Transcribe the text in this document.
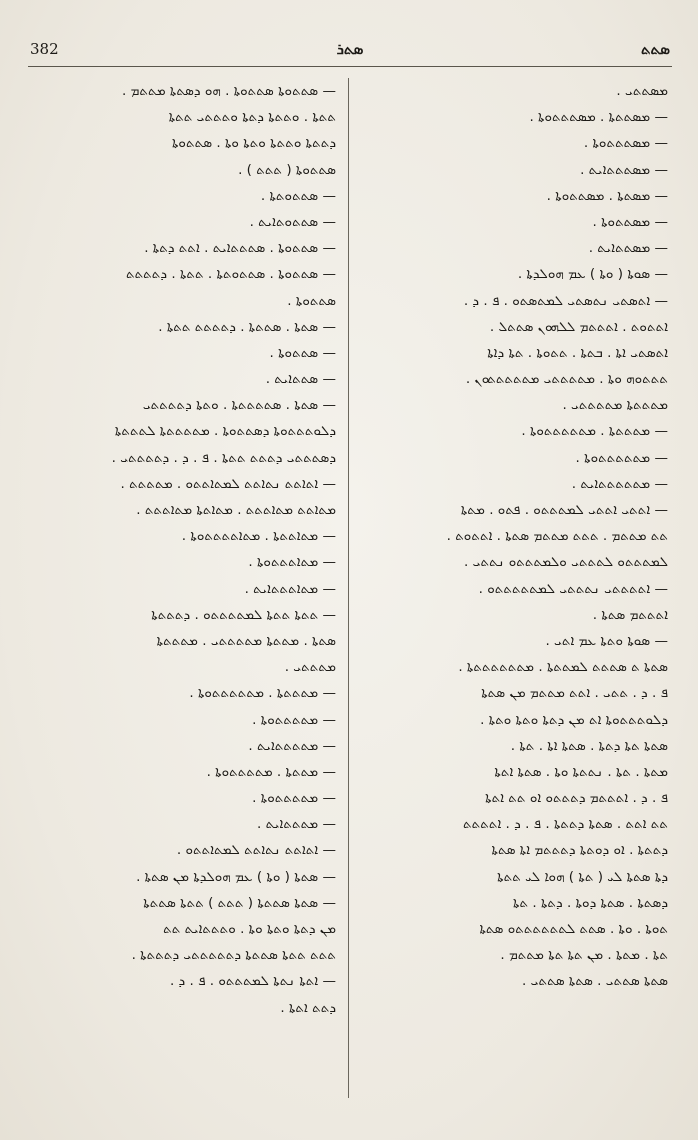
382	ܣܬܪ	ܣܬܬ
ܡܣܬܬܝ .
— ܡܣܬܬܬܐ . ܡܣܬܬܬܘܬܐ .
— ܡܣܬܬܬܘܬܐ .
— ܡܣܬܬܬܐܝܬ .
— ܡܣܬܬܐ . ܡܣܬܬܘܬܐ .
— ܡܣܬܬܘܬܐ .
— ܡܣܬܬܐܝܬ .
— ܣܘܬܐ ( ܘܬܐ ) ܥܡ ܗܘܠܕܬܐ .
— ܐܬܣܬܝ ܢܬܣܬܝ ܠܡܬܣܬܘ . ܦ . ܕ .
ܐܬܬܘܬ . ܐܬܬܬܡ ܠܠܗܘܢ ܣܬܬܠ .
ܐܬܣܬܝ ܐܬܐ . ܒܬܬܐ . ܬܬܘܬܐ . ܬܬܐ ܕܐܬܐ
ܬܬܬܘܗ ܘܬܐ . ܡܬܬܬܬܝ ܡܬܬܬܬܬܘܢ .
ܡܬܬܬܬܐ ܡܬܬܬܬܝ .
— ܡܬܬܬܬܐ . ܡܬܬܬܬܬܘܬܐ .
— ܡܬܬܬܬܬܘܬܐ .
— ܡܬܬܬܬܬܐܝܬ .
— ܐܬܬܝ ܐܬܬܝ ܠܡܬܬܬܘ . ܦܬܘ . ܡܬܬܐ
ܬܬ ܡܬܬܡ . ܬܬܬ ܡܬܬܡ ܣܬܬܐ . ܐܬܬܘܬ .
ܠܡܬܬܬܘ ܠܬܬܬܝ ܘܠܡܬܬܬܘ ܢܬܬܝ .
— ܐܬܬܬܬܝ ܢܬܬܬܝ ܠܡܬܬܬܬܬܘ .
ܐܬܬܬܡ ܣܬܬܐ .
— ܣܘܬܐ ܘܬܬܐ ܥܡ ܐܬܝ .
ܣܬܬܐ ܬ ܣܬܬܬ ܠܡܬܬܬܐ . ܡܬܬܬܬܬܬܬܐ .
ܦ . ܕ . ܬܬܝ . ܐܬܬ ܡܬܬܡ ܡܢ ܣܬܬܐ
ܕܠܘܬܬܬܘܬܐ ܐܬ ܡܢ ܕܬܬܐ ܘܬܬܐ ܘܬܬܐ .
ܣܬܬܐ ܬܬܐ ܕܬܬܐ . ܣܬܬܐ ܐܬܐ . ܬܬܐ .
ܡܬܬܐ . ܬܬܐ . ܢܬܬܬܐ ܘܬܐ . ܣܬܬܐ ܐܬܬܐ
ܦ . ܕ . ܐܬܬܬܡ ܕܬܬܬܘ ܐܘ ܬܬ ܐܬܬܐ
ܬܬ ܐܬܬ . ܣܬܬܐ ܕܬܬܬܐ . ܦ . ܕ . ܐܬܬܬܬ
ܕܬܬܬܐ . ܐܘ ܕܘܬܬܐ ܕܬܬܬܡ ܐܬܐ ܣܬܬܐ
ܕܬܐ ܣܬܬܐ ܠܝ ( ܬܬܐ ) ܗܘܐ ܠܝ ܬܬܬܐ
ܕܣܬܬܐ . ܣܬܬܐ ܕܘܬܐ . ܕܬܬܐ . ܬܬܐ
ܬܘܬܐ . ܘܬܐ . ܣܬܬ ܠܬܬܬܬܬܬܘ ܣܬܬܐ
ܬܬܐ . ܡܬܬܐ . ܡܢ ܬܬܐ ܬܬܐ ܡܬܬܡ .
ܣܬܬܐ ܣܬܬܝ . ܣܬܬܐ ܣܬܬܝ .
— ܣܬܬܘܬܐ ܣܬܬܘܬܐ . ܗܘ ܕܣܬܬܐ ܡܬܬܡ .
ܬܬܬܐ . ܘܬܬܬܐ ܕܬܬܐ ܘܬܬܬܝ ܬܬܬܐ
ܕܬܬܬܐ ܘܬܬܬܐ ܘܬܬܐ ܘܬܐ . ܣܬܬܘܬܐ
ܣܬܬܘܬܐ ( ܬܬܬ ) .
— ܣܬܬܘܬܬܐ .
— ܣܬܬܘܬܐܝܬ .
— ܣܬܬܘܬܐ . ܣܬܬܬܐܝܬ . ܐܬܬ ܕܬܬܐ .
— ܣܬܬܘܬܐ . ܣܬܬܘܬܬܐ . ܬܬܬܐ . ܕܬܬܬܬ
ܣܬܬܘܬܐ .
— ܣܬܬܐ . ܣܬܬܬܐ . ܕܬܬܬܬ ܬܬܬܐ .
— ܣܬܬܘܬܐ .
— ܣܬܬܐܝܬ .
— ܣܬܬܐ . ܣܬܬܬܬܬܐ . ܘܬܬܐ ܕܬܬܬܬܝ
ܕܠܘܬܬܬܘܬܐ ܕܣܬܬܘܬܐ . ܡܬܬܬܬܬܐ ܠܬܬܬܬܐ
ܕܣܬܬܬܝ ܕܬܬܬ ܬܬܬܐ . ܦ . ܕ . ܕܬܬܬܬܝ .
— ܐܬܐܬܬ ܢܬܐܬܬ ܠܡܬܐܬܬܘ . ܡܬܬܬܬ .
ܡܬܐܬܬ ܡܬܐܬܬܬ . ܡܬܐܬܬܐ ܡܬܐܬܬܬ .
— ܡܬܐܬܬܬܐ . ܡܬܐܬܬܬܬܘܬܐ .
— ܡܬܐܬܬܬܘܬܐ .
— ܡܬܐܬܬܬܐܝܬ .
— ܬܬܬܐ ܬܬܬܐ ܠܡܬܬܬܬܘ . ܕܬܬܬܬܐ
ܣܬܬܐ . ܡܬܬܬܐ ܡܬܬܬܬܝ . ܡܬܬܬܬܐ
ܡܬܬܬܝ .
— ܡܬܬܬܬܐ . ܡܬܬܬܬܬܘܬܐ .
— ܡܬܬܬܬܘܬܐ .
— ܡܬܬܬܬܐܝܬ .
— ܡܬܬܬܐ . ܡܬܬܬܬܘܬܐ .
— ܡܬܬܬܬܘܬܐ .
— ܡܬܬܬܐܝܬ .
— ܐܬܐܬܬ ܢܬܐܬܬ ܠܡܬܐܬܬܘ .
— ܣܬܬܐ ( ܘܬܐ ) ܥܡ ܗܘܠܕܬܐ ܡܢ ܣܬܬܐ .
— ܣܬܬܐ ܣܬܬܬܐ ( ܬܬܬ ) ܬܬܬܐ ܣܬܬܬܐ
ܡܢ ܕܬܬܐ ܘܬܬܐ ܘܬܐ . ܘܬܬܬܐܝܬ ܬܬ
ܬܬܬ ܬܬܬܐ ܣܬܬܬܐ ܕܬܬܬܬܬܝ ܕܬܬܬܬܐ .
— ܐܬܬܐ ܢܬܬܐ ܠܡܬܬܬܘ . ܦ . ܕ .
ܕܬܬ ܐܬܬܐ .
